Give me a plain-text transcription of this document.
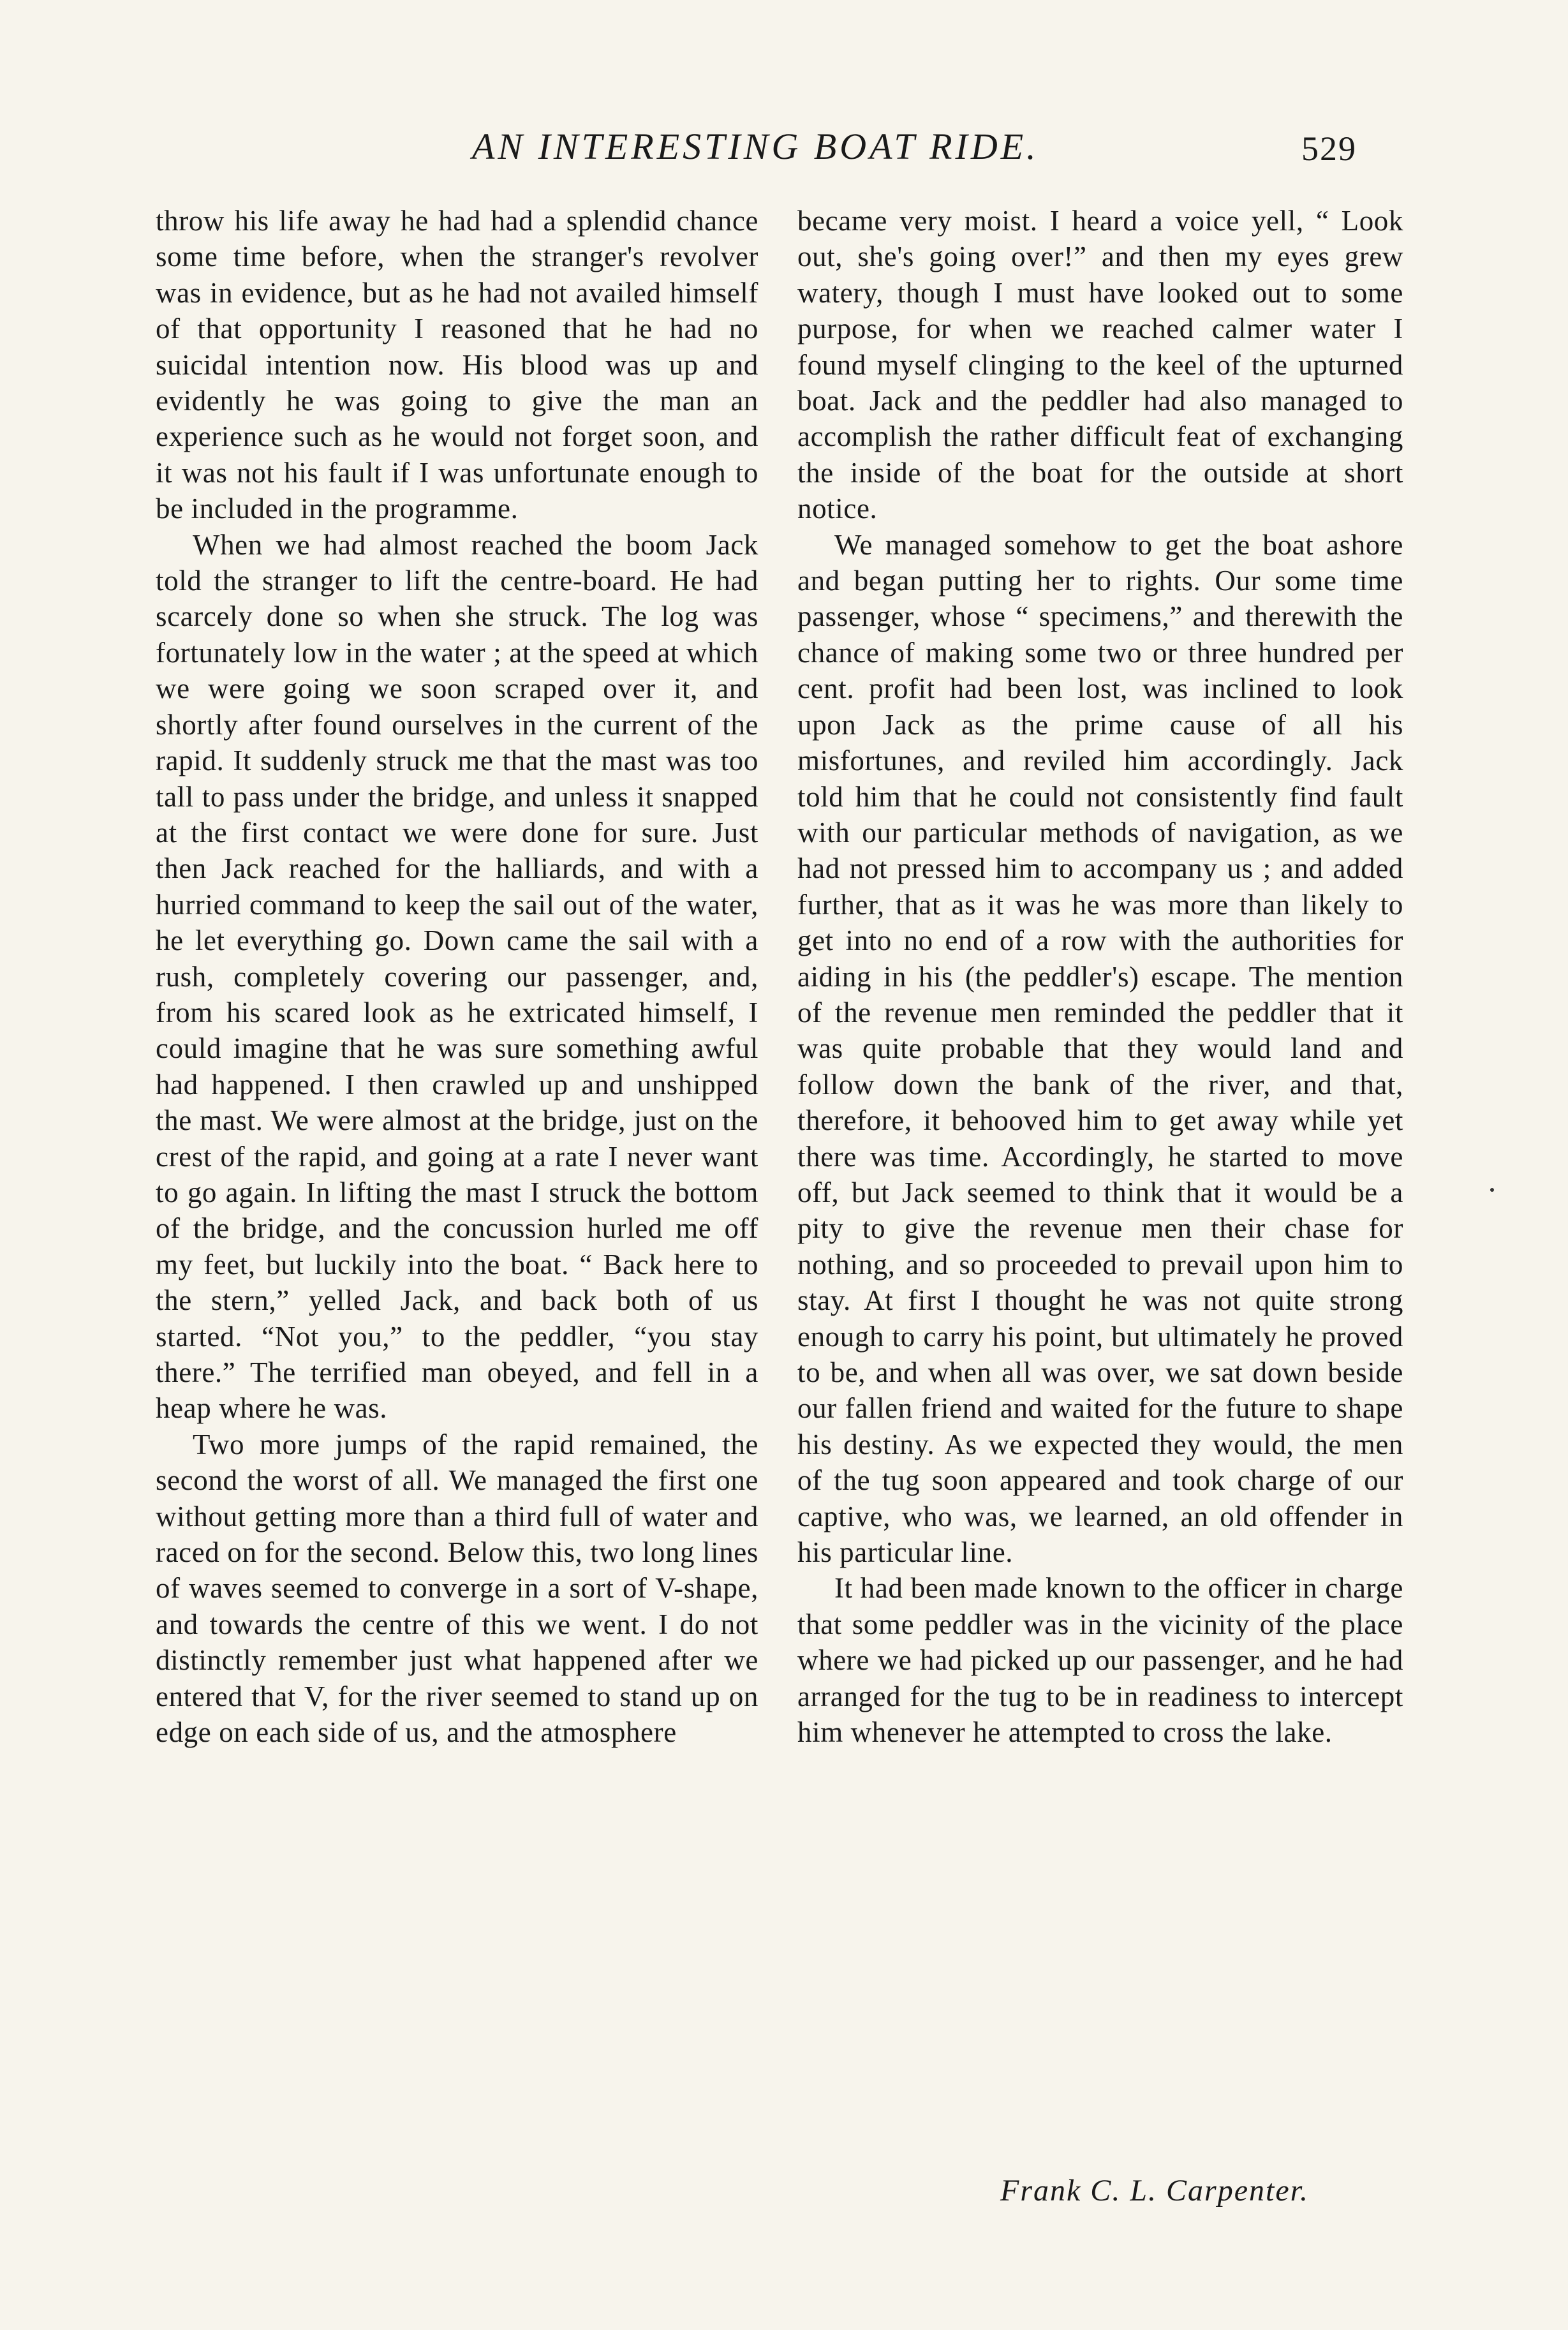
AN INTERESTING BOAT RIDE.	529

throw his life away he had had a splendid chance some time before, when the stranger's revolver was in evidence, but as he had not availed himself of that opportunity I reasoned that he had no suicidal intention now. His blood was up and evidently he was going to give the man an experience such as he would not forget soon, and it was not his fault if I was unfortunate enough to be included in the programme.

When we had almost reached the boom Jack told the stranger to lift the centre-board. He had scarcely done so when she struck. The log was fortunately low in the water ; at the speed at which we were going we soon scraped over it, and shortly after found ourselves in the current of the rapid. It suddenly struck me that the mast was too tall to pass under the bridge, and unless it snapped at the first contact we were done for sure. Just then Jack reached for the halliards, and with a hurried command to keep the sail out of the water, he let everything go. Down came the sail with a rush, completely covering our passenger, and, from his scared look as he extricated himself, I could imagine that he was sure something awful had happened. I then crawled up and unshipped the mast. We were almost at the bridge, just on the crest of the rapid, and going at a rate I never want to go again. In lifting the mast I struck the bottom of the bridge, and the concussion hurled me off my feet, but luckily into the boat. “ Back here to the stern,” yelled Jack, and back both of us started. “Not you,” to the peddler, “you stay there.” The terrified man obeyed, and fell in a heap where he was.

Two more jumps of the rapid remained, the second the worst of all. We managed the first one without getting more than a third full of water and raced on for the second. Below this, two long lines of waves seemed to converge in a sort of V-shape, and towards the centre of this we went. I do not distinctly remember just what happened after we entered that V, for the river seemed to stand up on edge on each side of us, and the atmosphere

became very moist. I heard a voice yell, “ Look out, she's going over!” and then my eyes grew watery, though I must have looked out to some purpose, for when we reached calmer water I found myself clinging to the keel of the upturned boat. Jack and the peddler had also managed to accomplish the rather difficult feat of exchanging the inside of the boat for the outside at short notice.

We managed somehow to get the boat ashore and began putting her to rights. Our some time passenger, whose “ specimens,” and therewith the chance of making some two or three hundred per cent. profit had been lost, was inclined to look upon Jack as the prime cause of all his misfortunes, and reviled him accordingly. Jack told him that he could not consistently find fault with our particular methods of navigation, as we had not pressed him to accompany us ; and added further, that as it was he was more than likely to get into no end of a row with the authorities for aiding in his (the peddler's) escape. The mention of the revenue men reminded the peddler that it was quite probable that they would land and follow down the bank of the river, and that, therefore, it behooved him to get away while yet there was time. Accordingly, he started to move off, but Jack seemed to think that it would be a pity to give the revenue men their chase for nothing, and so proceeded to prevail upon him to stay. At first I thought he was not quite strong enough to carry his point, but ultimately he proved to be, and when all was over, we sat down beside our fallen friend and waited for the future to shape his destiny. As we expected they would, the men of the tug soon appeared and took charge of our captive, who was, we learned, an old offender in his particular line.

It had been made known to the officer in charge that some peddler was in the vicinity of the place where we had picked up our passenger, and he had arranged for the tug to be in readiness to intercept him whenever he attempted to cross the lake.

Frank C. L. Carpenter.
